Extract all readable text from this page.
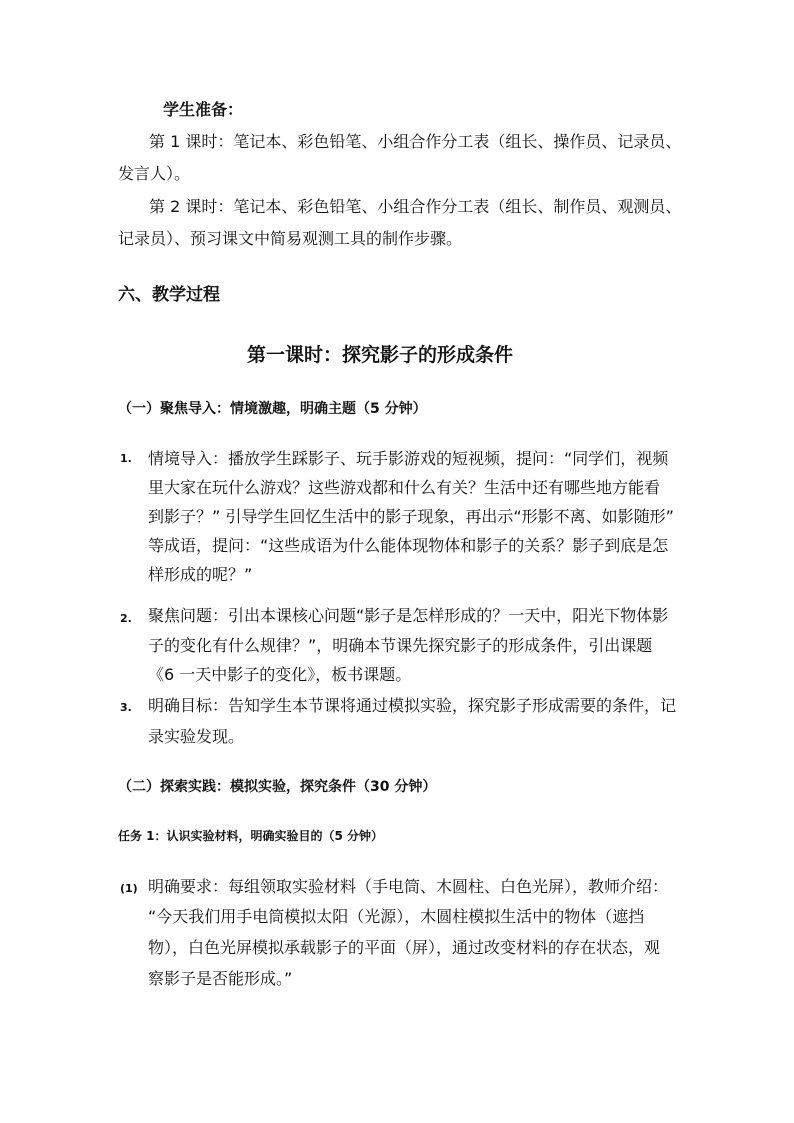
学生准备：
第 1 课时：笔记本、彩色铅笔、小组合作分工表（组长、操作员、记录员、
发言人）。
第 2 课时：笔记本、彩色铅笔、小组合作分工表（组长、制作员、观测员、
记录员）、预习课文中简易观测工具的制作步骤。
六、教学过程
第一课时：探究影子的形成条件
（一）聚焦导入：情境激趣，明确主题（5 分钟）
1. 情境导入：播放学生踩影子、玩手影游戏的短视频，提问：“同学们，视频
里大家在玩什么游戏？这些游戏都和什么有关？生活中还有哪些地方能看
到影子？” 引导学生回忆生活中的影子现象，再出示“形影不离、如影随形”
等成语，提问：“这些成语为什么能体现物体和影子的关系？影子到底是怎
样形成的呢？”
2. 聚焦问题：引出本课核心问题“影子是怎样形成的？一天中，阳光下物体影
子的变化有什么规律？”，明确本节课先探究影子的形成条件，引出课题
《6 一天中影子的变化》，板书课题。
3. 明确目标：告知学生本节课将通过模拟实验，探究影子形成需要的条件，记
录实验发现。
（二）探索实践：模拟实验，探究条件（30 分钟）
任务 1：认识实验材料，明确实验目的（5 分钟）
(1) 明确要求：每组领取实验材料（手电筒、木圆柱、白色光屏），教师介绍：
“今天我们用手电筒模拟太阳（光源），木圆柱模拟生活中的物体（遮挡
物），白色光屏模拟承载影子的平面（屏），通过改变材料的存在状态，观
察影子是否能形成。”
